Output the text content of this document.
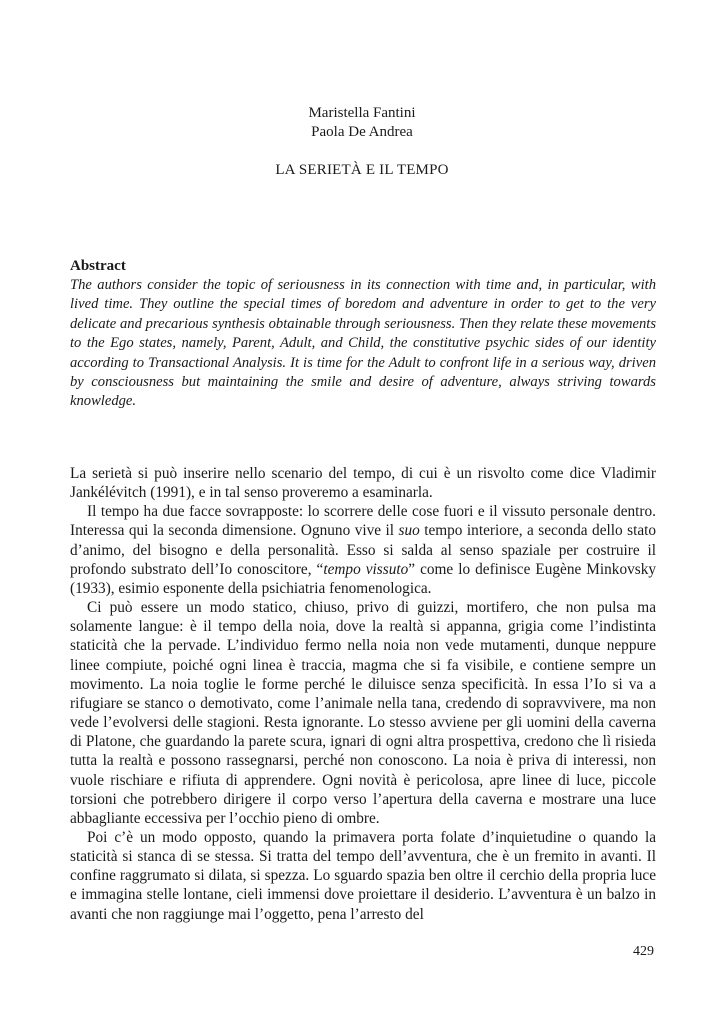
Maristella Fantini
Paola De Andrea
LA SERIETÀ E IL TEMPO
Abstract
The authors consider the topic of seriousness in its connection with time and, in particular, with lived time. They outline the special times of boredom and adventure in order to get to the very delicate and precarious synthesis obtainable through seriousness. Then they relate these movements to the Ego states, namely, Parent, Adult, and Child, the constitutive psychic sides of our identity according to Transactional Analysis. It is time for the Adult to confront life in a serious way, driven by consciousness but maintaining the smile and desire of adventure, always striving towards knowledge.

La serietà si può inserire nello scenario del tempo, di cui è un risvolto come dice Vladimir Jankélévitch (1991), e in tal senso proveremo a esaminarla.

Il tempo ha due facce sovrapposte: lo scorrere delle cose fuori e il vissuto personale dentro. Interessa qui la seconda dimensione. Ognuno vive il suo tempo interiore, a seconda dello stato d’animo, del bisogno e della personalità. Esso si salda al senso spaziale per costruire il profondo substrato dell’Io conoscitore, “tempo vissuto” come lo definisce Eugène Minkovsky (1933), esimio esponente della psichiatria fenomenologica.

Ci può essere un modo statico, chiuso, privo di guizzi, mortifero, che non pulsa ma solamente langue: è il tempo della noia, dove la realtà si appanna, grigia come l’indistinta staticità che la pervade. L’individuo fermo nella noia non vede mutamenti, dunque neppure linee compiute, poiché ogni linea è traccia, magma che si fa visibile, e contiene sempre un movimento. La noia toglie le forme perché le diluisce senza specificità. In essa l’Io si va a rifugiare se stanco o demotivato, come l’animale nella tana, credendo di sopravvivere, ma non vede l’evolversi delle stagioni. Resta ignorante. Lo stesso avviene per gli uomini della caverna di Platone, che guardando la parete scura, ignari di ogni altra prospettiva, credono che lì risieda tutta la realtà e possono rassegnarsi, perché non conoscono. La noia è priva di interessi, non vuole rischiare e rifiuta di apprendere. Ogni novità è pericolosa, apre linee di luce, piccole torsioni che potrebbero dirigere il corpo verso l’apertura della caverna e mostrare una luce abbagliante eccessiva per l’occhio pieno di ombre.

Poi c’è un modo opposto, quando la primavera porta folate d’inquietudine o quando la staticità si stanca di se stessa. Si tratta del tempo dell’avventura, che è un fremito in avanti. Il confine raggrumato si dilata, si spezza. Lo sguardo spazia ben oltre il cerchio della propria luce e immagina stelle lontane, cieli immensi dove proiettare il desiderio. L’avventura è un balzo in avanti che non raggiunge mai l’oggetto, pena l’arresto del

429
